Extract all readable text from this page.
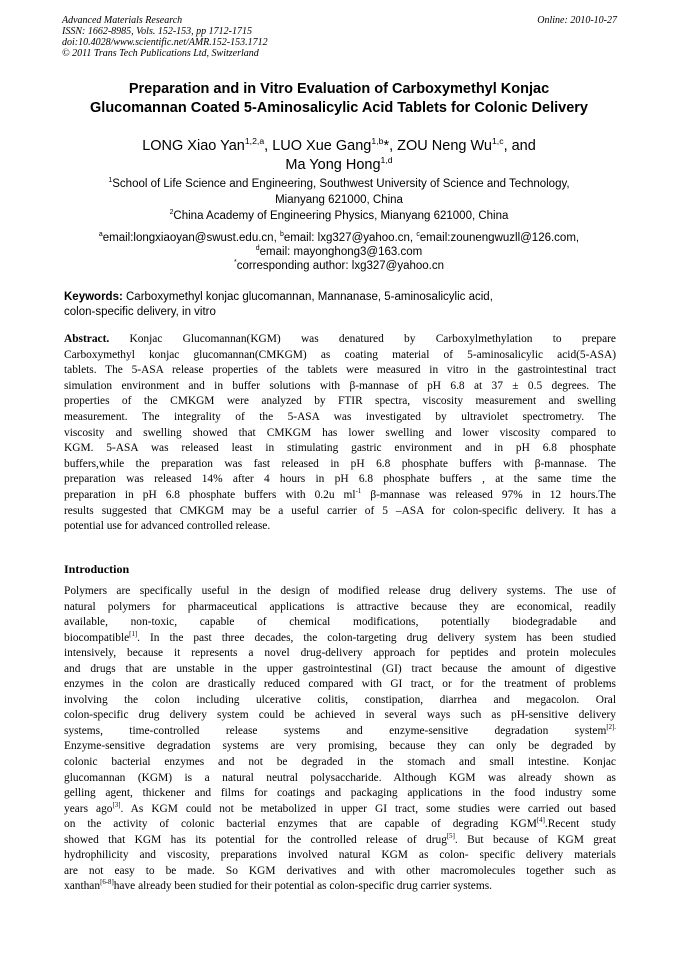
Advanced Materials Research
ISSN: 1662-8985, Vols. 152-153, pp 1712-1715
doi:10.4028/www.scientific.net/AMR.152-153.1712
© 2011 Trans Tech Publications Ltd, Switzerland
Online: 2010-10-27
Preparation and in Vitro Evaluation of Carboxymethyl Konjac
Glucomannan Coated 5-Aminosalicylic Acid Tablets for Colonic Delivery
LONG Xiao Yan$^{1,2,a}$, LUO Xue Gang$^{1,b}$*, ZOU Neng Wu$^{1,c}$, and
Ma Yong Hong$^{1,d}$
$^1$School of Life Science and Engineering, Southwest University of Science and Technology,
Mianyang 621000, China
$^2$China Academy of Engineering Physics, Mianyang 621000, China
$^a$email:longxiaoyan@swust.edu.cn, $^b$email: lxg327@yahoo.cn, $^c$email:zounengwuzll@126.com,
$^d$email: mayonghong3@163.com
*corresponding author: lxg327@yahoo.cn
Keywords: Carboxymethyl konjac glucomannan, Mannanase, 5-aminosalicylic acid,
colon-specific delivery, in vitro
Abstract. Konjac Glucomannan(KGM) was denatured by Carboxylmethylation to prepare
Carboxymethyl konjac glucomannan(CMKGM) as coating material of 5-aminosalicylic acid(5-ASA)
tablets. The 5-ASA release properties of the tablets were measured in vitro in the gastrointestinal tract
simulation environment and in buffer solutions with β-mannase of pH 6.8 at 37 ± 0.5 degrees. The
properties of the CMKGM were analyzed by FTIR spectra, viscosity measurement and swelling
measurement. The integrality of the 5-ASA was investigated by ultraviolet spectrometry. The
viscosity and swelling showed that CMKGM has lower swelling and lower viscosity compared to
KGM. 5-ASA was released least in stimulating gastric environment and in pH 6.8 phosphate
buffers,while the preparation was fast released in pH 6.8 phosphate buffers with β-mannase. The
preparation was released 14% after 4 hours in pH 6.8 phosphate buffers , at the same time the
preparation in pH 6.8 phosphate buffers with 0.2u $ml^{-1}$ β-mannase was released 97% in 12 hours.The
results suggested that CMKGM may be a useful carrier of 5 –ASA for colon-specific delivery. It has a
potential use for advanced controlled release.
Introduction
Polymers are specifically useful in the design of modified release drug delivery systems. The use of
natural polymers for pharmaceutical applications is attractive because they are economical, readily
available, non-toxic, capable of chemical modifications, potentially biodegradable and
biocompatible[1]. In the past three decades, the colon-targeting drug delivery system has been studied
intensively, because it represents a novel drug-delivery approach for peptides and protein molecules
and drugs that are unstable in the upper gastrointestinal (GI) tract because the amount of digestive
enzymes in the colon are drastically reduced compared with GI tract, or for the treatment of problems
involving the colon including ulcerative colitis, constipation, diarrhea and megacolon. Oral
colon-specific drug delivery system could be achieved in several ways such as pH-sensitive delivery
systems, time-controlled release systems and enzyme-sensitive degradation system$^{[2].}$
Enzyme-sensitive degradation systems are very promising, because they can only be degraded by
colonic bacterial enzymes and not be degraded in the stomach and small intestine. Konjac
glucomannan (KGM) is a natural neutral polysaccharide. Although KGM was already shown as
gelling agent, thickener and films for coatings and packaging applications in the food industry some
years ago[3]. As KGM could not be metabolized in upper GI tract, some studies were carried out based
on the activity of colonic bacterial enzymes that are capable of degrading KGM[4].Recent study
showed that KGM has its potential for the controlled release of drug[5]. But because of KGM great
hydrophilicity and viscosity, preparations involved natural KGM as colon- specific delivery materials
are not easy to be made. So KGM derivatives and with other macromolecules together such as
xanthan[6-8]have already been studied for their potential as colon-specific drug carrier systems.
